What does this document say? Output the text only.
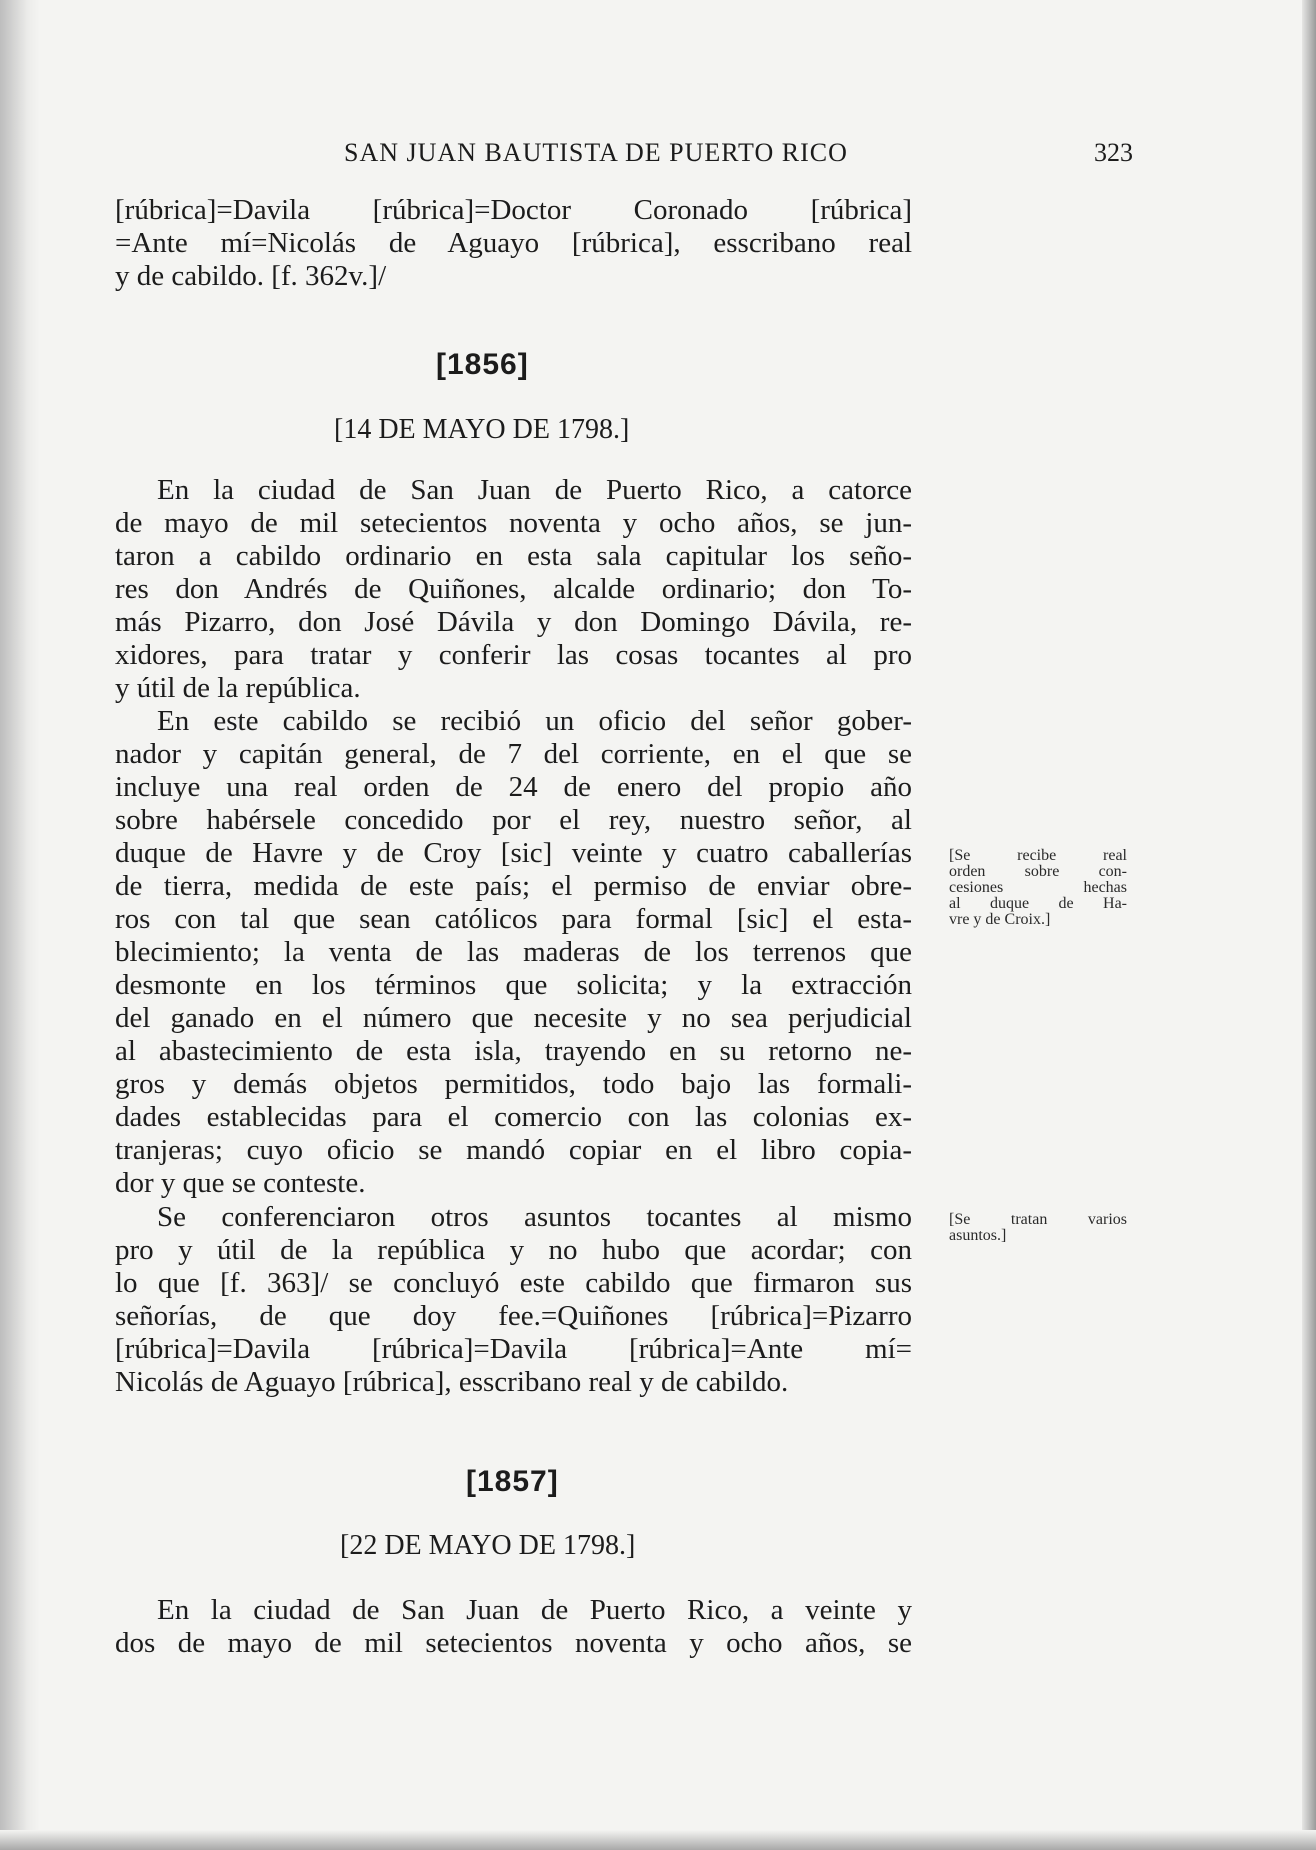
SAN JUAN BAUTISTA DE PUERTO RICO	323
[rúbrica]=Davila [rúbrica]=Doctor Coronado [rúbrica]
=Ante mí=Nicolás de Aguayo [rúbrica], esscribano real
y de cabildo. [f. 362v.]/
[1856]
[14 DE MAYO DE 1798.]
En la ciudad de San Juan de Puerto Rico, a catorce
de mayo de mil setecientos noventa y ocho años, se jun-
taron a cabildo ordinario en esta sala capitular los seño-
res don Andrés de Quiñones, alcalde ordinario; don To-
más Pizarro, don José Dávila y don Domingo Dávila, re-
xidores, para tratar y conferir las cosas tocantes al pro
y útil de la república.
En este cabildo se recibió un oficio del señor gober-
nador y capitán general, de 7 del corriente, en el que se
incluye una real orden de 24 de enero del propio año
sobre habérsele concedido por el rey, nuestro señor, al
duque de Havre y de Croy [sic] veinte y cuatro caballerías
de tierra, medida de este país; el permiso de enviar obre-
ros con tal que sean católicos para formal [sic] el esta-
blecimiento; la venta de las maderas de los terrenos que
desmonte en los términos que solicita; y la extracción
del ganado en el número que necesite y no sea perjudicial
al abastecimiento de esta isla, trayendo en su retorno ne-
gros y demás objetos permitidos, todo bajo las formali-
dades establecidas para el comercio con las colonias ex-
tranjeras; cuyo oficio se mandó copiar en el libro copia-
dor y que se conteste.
Se conferenciaron otros asuntos tocantes al mismo
pro y útil de la república y no hubo que acordar; con
lo que [f. 363]/ se concluyó este cabildo que firmaron sus
señorías, de que doy fee.=Quiñones [rúbrica]=Pizarro
[rúbrica]=Davila [rúbrica]=Davila [rúbrica]=Ante mí=
Nicolás de Aguayo [rúbrica], esscribano real y de cabildo.
[Se recibe real
orden sobre con-
cesiones hechas
al duque de Ha-
vre y de Croix.]
[Se tratan varios
asuntos.]
[1857]
[22 DE MAYO DE 1798.]
En la ciudad de San Juan de Puerto Rico, a veinte y
dos de mayo de mil setecientos noventa y ocho años, se
